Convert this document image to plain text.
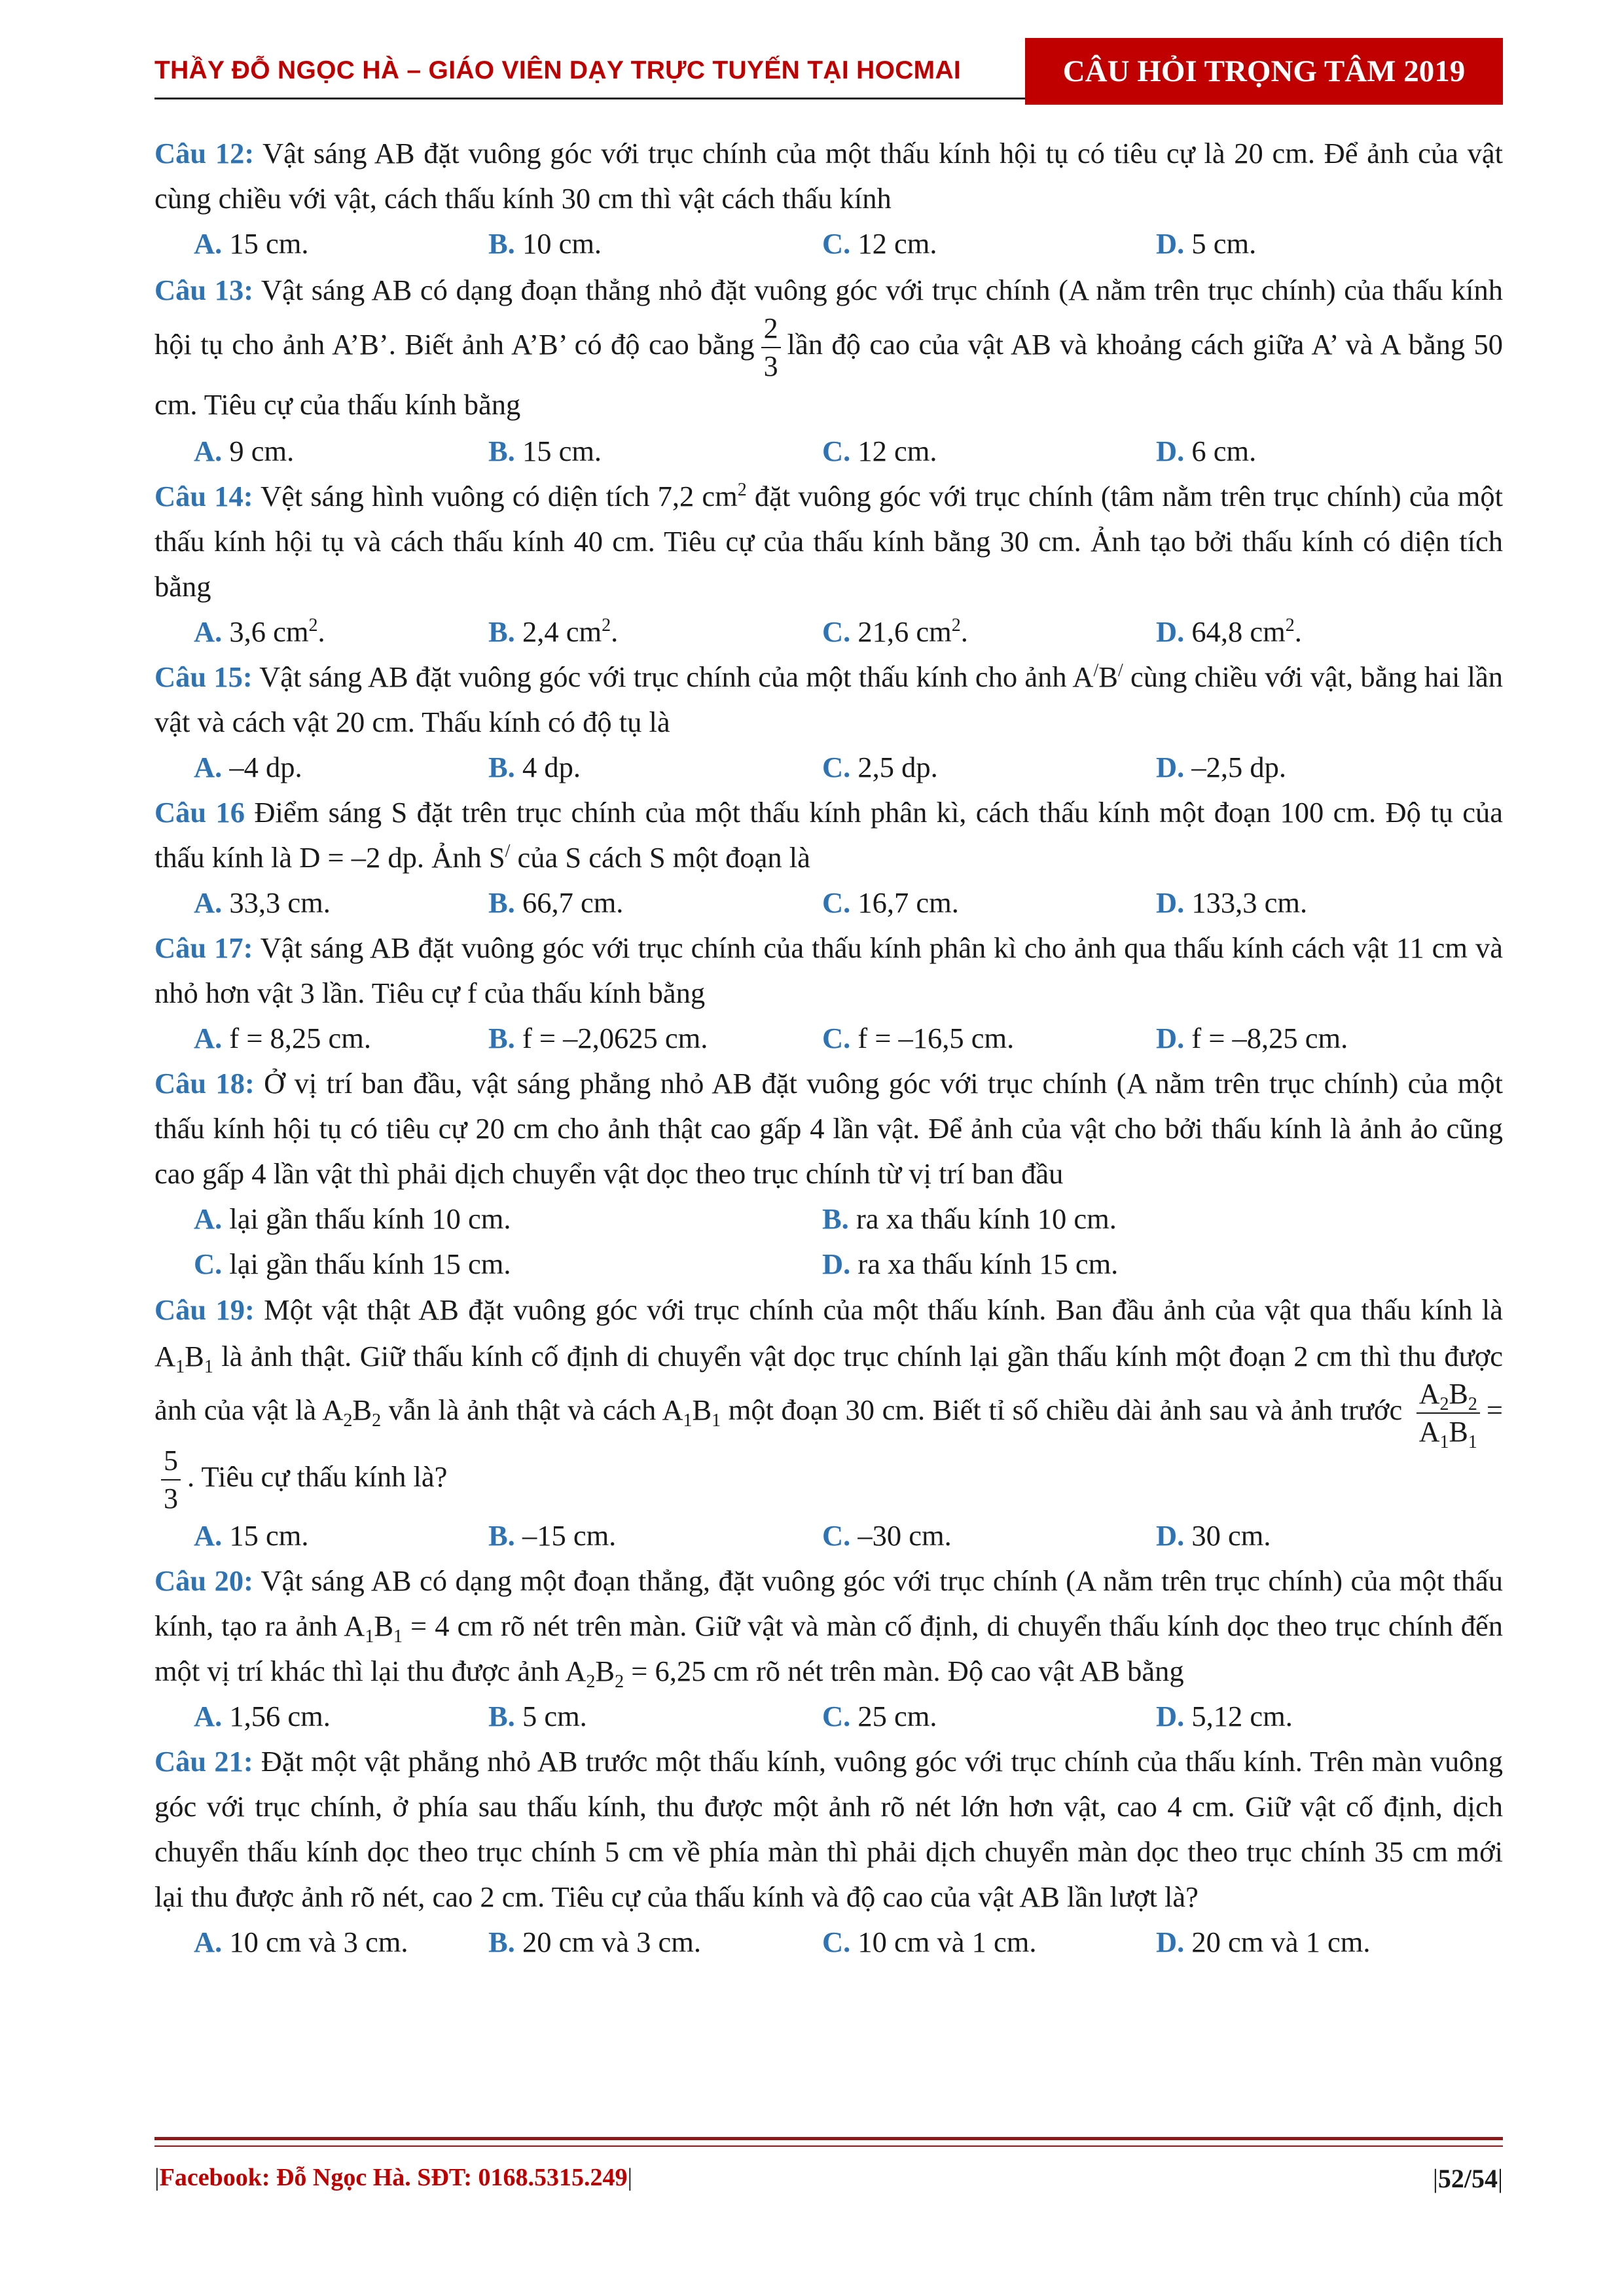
THẦY ĐỖ NGỌC HÀ – GIÁO VIÊN DẠY TRỰC TUYẾN TẠI HOCMAI	CÂU HỎI TRỌNG TÂM 2019

Câu 12: Vật sáng AB đặt vuông góc với trục chính của một thấu kính hội tụ có tiêu cự là 20 cm. Để ảnh của vật cùng chiều với vật, cách thấu kính 30 cm thì vật cách thấu kính

A. 15 cm.	B. 10 cm.	C. 12 cm.	D. 5 cm.

Câu 13: Vật sáng AB có dạng đoạn thẳng nhỏ đặt vuông góc với trục chính (A nằm trên trục chính) của thấu kính hội tụ cho ảnh A’B’. Biết ảnh A’B’ có độ cao bằng $\frac{2}{3}$ lần độ cao của vật AB và khoảng cách giữa A’ và A bằng 50 cm. Tiêu cự của thấu kính bằng

A. 9 cm.	B. 15 cm.	C. 12 cm.	D. 6 cm.

Câu 14: Vệt sáng hình vuông có diện tích 7,2 $cm^2$ đặt vuông góc với trục chính (tâm nằm trên trục chính) của một thấu kính hội tụ và cách thấu kính 40 cm. Tiêu cự của thấu kính bằng 30 cm. Ảnh tạo bởi thấu kính có diện tích bằng

A. 3,6 $cm^2$.	B. 2,4 $cm^2$.	C. 21,6 $cm^2$.	D. 64,8 $cm^2$.

Câu 15: Vật sáng AB đặt vuông góc với trục chính của một thấu kính cho ảnh A/B/ cùng chiều với vật, bằng hai lần vật và cách vật 20 cm. Thấu kính có độ tụ là

A. –4 dp.	B. 4 dp.	C. 2,5 dp.	D. –2,5 dp.

Câu 16 Điểm sáng S đặt trên trục chính của một thấu kính phân kì, cách thấu kính một đoạn 100 cm. Độ tụ của thấu kính là D = –2 dp. Ảnh S/ của S cách S một đoạn là

A. 33,3 cm.	B. 66,7 cm.	C. 16,7 cm.	D. 133,3 cm.

Câu 17: Vật sáng AB đặt vuông góc với trục chính của thấu kính phân kì cho ảnh qua thấu kính cách vật 11 cm và nhỏ hơn vật 3 lần. Tiêu cự f của thấu kính bằng

A. f = 8,25 cm.	B. f = –2,0625 cm.	C. f = –16,5 cm.	D. f = –8,25 cm.

Câu 18: Ở vị trí ban đầu, vật sáng phẳng nhỏ AB đặt vuông góc với trục chính (A nằm trên trục chính) của một thấu kính hội tụ có tiêu cự 20 cm cho ảnh thật cao gấp 4 lần vật. Để ảnh của vật cho bởi thấu kính là ảnh ảo cũng cao gấp 4 lần vật thì phải dịch chuyển vật dọc theo trục chính từ vị trí ban đầu

A. lại gần thấu kính 10 cm.	B. ra xa thấu kính 10 cm.
C. lại gần thấu kính 15 cm.	D. ra xa thấu kính 15 cm.

Câu 19: Một vật thật AB đặt vuông góc với trục chính của một thấu kính. Ban đầu ảnh của vật qua thấu kính là $A_1B_1$ là ảnh thật. Giữ thấu kính cố định di chuyển vật dọc trục chính lại gần thấu kính một đoạn 2 cm thì thu được ảnh của vật là $A_2B_2$ vẫn là ảnh thật và cách $A_1B_1$ một đoạn 30 cm. Biết tỉ số chiều dài ảnh sau và ảnh trước $\frac{A_2B_2}{A_1B_1}$ =
$\frac{5}{3}$ . Tiêu cự thấu kính là?

A. 15 cm.	B. –15 cm.	C. –30 cm.	D. 30 cm.

Câu 20: Vật sáng AB có dạng một đoạn thẳng, đặt vuông góc với trục chính (A nằm trên trục chính) của một thấu kính, tạo ra ảnh $A_1B_1 = 4$ cm rõ nét trên màn. Giữ vật và màn cố định, di chuyển thấu kính dọc theo trục chính đến một vị trí khác thì lại thu được ảnh $A_2B_2 = 6,25$ cm rõ nét trên màn. Độ cao vật AB bằng

A. 1,56 cm.	B. 5 cm.	C. 25 cm.	D. 5,12 cm.

Câu 21: Đặt một vật phẳng nhỏ AB trước một thấu kính, vuông góc với trục chính của thấu kính. Trên màn vuông góc với trục chính, ở phía sau thấu kính, thu được một ảnh rõ nét lớn hơn vật, cao 4 cm. Giữ vật cố định, dịch chuyển thấu kính dọc theo trục chính 5 cm về phía màn thì phải dịch chuyển màn dọc theo trục chính 35 cm mới lại thu được ảnh rõ nét, cao 2 cm. Tiêu cự của thấu kính và độ cao của vật AB lần lượt là?

A. 10 cm và 3 cm.	B. 20 cm và 3 cm.	C. 10 cm và 1 cm.	D. 20 cm và 1 cm.
|Facebook: Đỗ Ngọc Hà. SĐT: 0168.5315.249|	|52/54|
